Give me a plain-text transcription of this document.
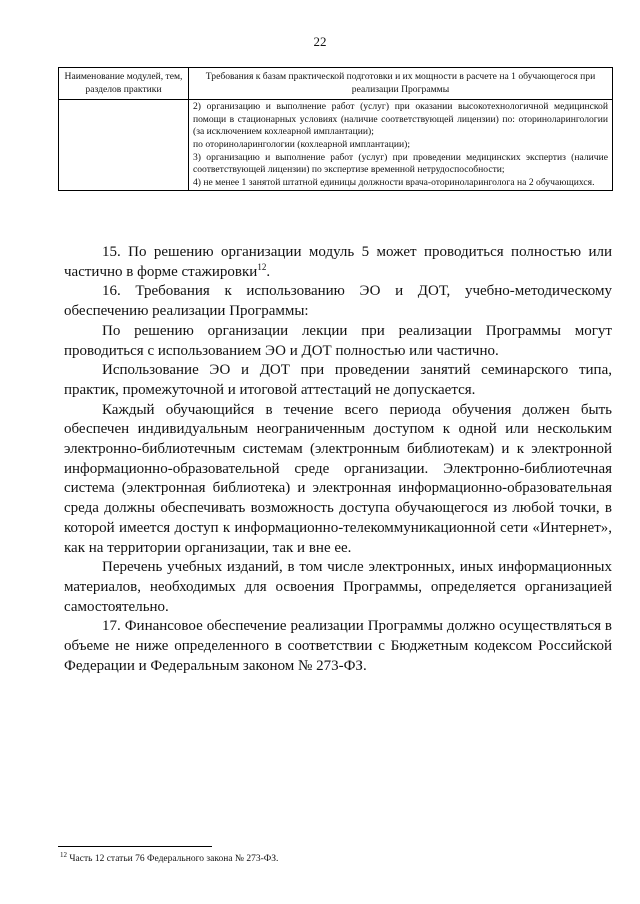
22
Наименование модулей, тем, разделов практики	Требования к базам практической подготовки и их мощности в расчете на 1 обучающегося при реализации Программы

	2) организацию и выполнение работ (услуг) при оказании высокотехнологичной медицинской помощи в стационарных условиях (наличие соответствующей лицензии) по: оториноларингологии (за исключением кохлеарной имплантации);

по оториноларингологии (кохлеарной имплантации);

3) организацию и выполнение работ (услуг) при проведении медицинских экспертиз (наличие соответствующей лицензии) по экспертизе временной нетрудоспособности;

4) не менее 1 занятой штатной единицы должности врача-оториноларинголога на 2 обучающихся.

15. По решению организации модуль 5 может проводиться полностью или частично в форме стажировки$^{12}$.

16. Требования к использованию ЭО и ДОТ, учебно-методическому обеспечению реализации Программы:

По решению организации лекции при реализации Программы могут проводиться с использованием ЭО и ДОТ полностью или частично.

Использование ЭО и ДОТ при проведении занятий семинарского типа, практик, промежуточной и итоговой аттестаций не допускается.

Каждый обучающийся в течение всего периода обучения должен быть обеспечен индивидуальным неограниченным доступом к одной или нескольким электронно-библиотечным системам (электронным библиотекам) и к электронной информационно-образовательной среде организации. Электронно-библиотечная система (электронная библиотека) и электронная информационно-образовательная среда должны обеспечивать возможность доступа обучающегося из любой точки, в которой имеется доступ к информационно-телекоммуникационной сети «Интернет», как на территории организации, так и вне ее.

Перечень учебных изданий, в том числе электронных, иных информационных материалов, необходимых для освоения Программы, определяется организацией самостоятельно.

17. Финансовое обеспечение реализации Программы должно осуществляться в объеме не ниже определенного в соответствии с Бюджетным кодексом Российской Федерации и Федеральным законом № 273-ФЗ.

$^{12}$ Часть 12 статьи 76 Федерального закона № 273-ФЗ.
